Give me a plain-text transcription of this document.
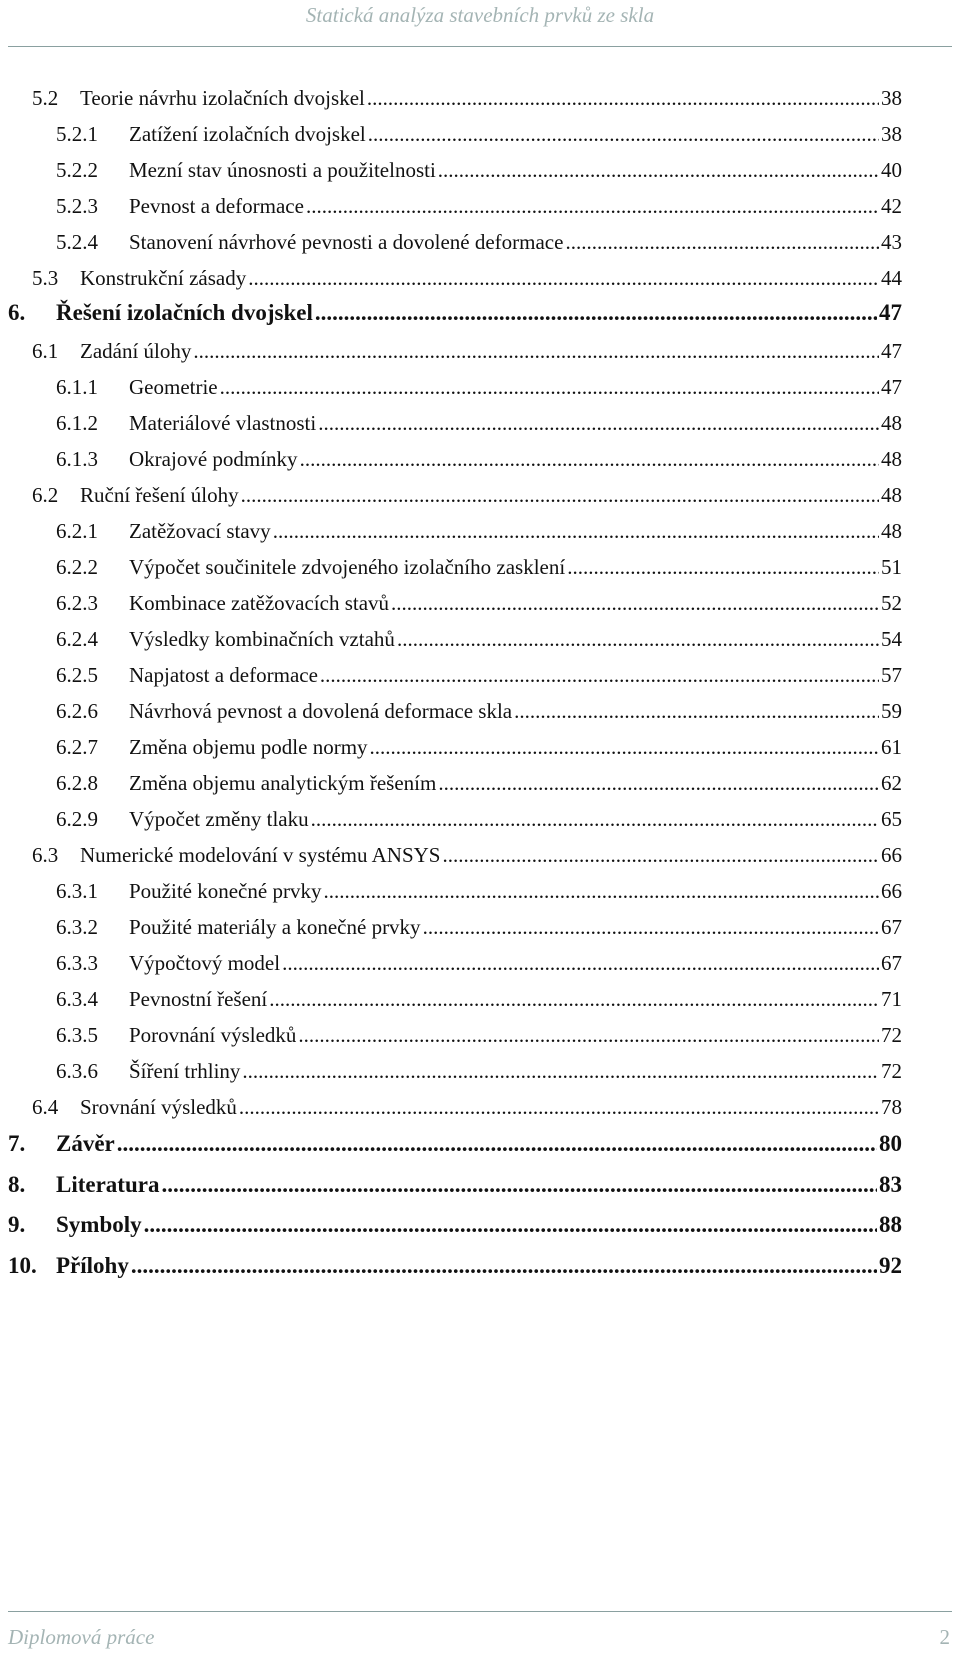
Statická analýza stavebních prvků ze skla
5.2	Teorie návrhu izolačních dvojskel .....	38
5.2.1	Zatížení izolačních dvojskel .....	38
5.2.2	Mezní stav únosnosti a použitelnosti .....	40
5.2.3	Pevnost a deformace .....	42
5.2.4	Stanovení návrhové pevnosti a dovolené deformace .....	43
5.3	Konstrukční zásady .....	44
6.	Řešení izolačních dvojskel .....	47
6.1	Zadání úlohy .....	47
6.1.1	Geometrie .....	47
6.1.2	Materiálové vlastnosti .....	48
6.1.3	Okrajové podmínky .....	48
6.2	Ruční řešení úlohy .....	48
6.2.1	Zatěžovací stavy .....	48
6.2.2	Výpočet součinitele zdvojeného izolačního zasklení .....	51
6.2.3	Kombinace zatěžovacích stavů .....	52
6.2.4	Výsledky kombinačních vztahů .....	54
6.2.5	Napjatost a deformace .....	57
6.2.6	Návrhová pevnost a dovolená deformace skla .....	59
6.2.7	Změna objemu podle normy .....	61
6.2.8	Změna objemu analytickým řešením .....	62
6.2.9	Výpočet změny tlaku .....	65
6.3	Numerické modelování v systému ANSYS .....	66
6.3.1	Použité konečné prvky .....	66
6.3.2	Použité materiály a konečné prvky .....	67
6.3.3	Výpočtový model .....	67
6.3.4	Pevnostní řešení .....	71
6.3.5	Porovnání výsledků .....	72
6.3.6	Šíření trhliny .....	72
6.4	Srovnání výsledků .....	78
7.	Závěr .....	80
8.	Literatura .....	83
9.	Symboly .....	88
10. Přílohy .....	92
Diplomová práce	2
